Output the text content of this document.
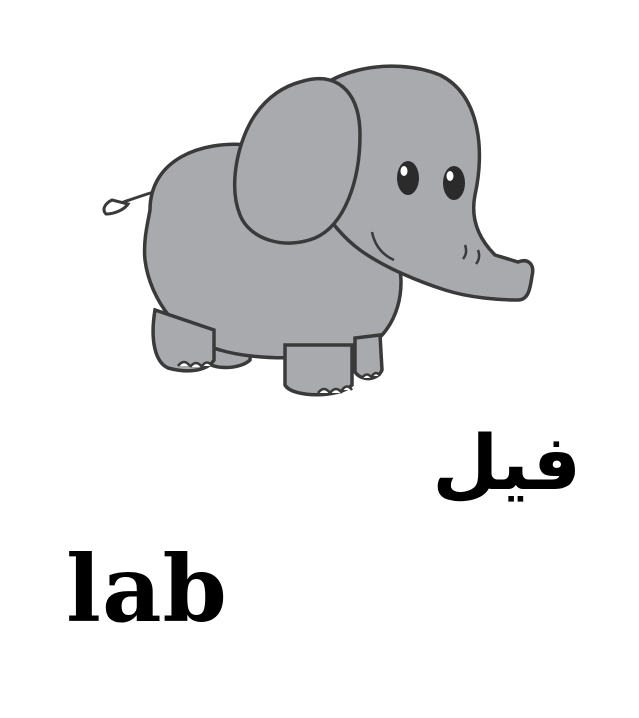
فيل
lab
